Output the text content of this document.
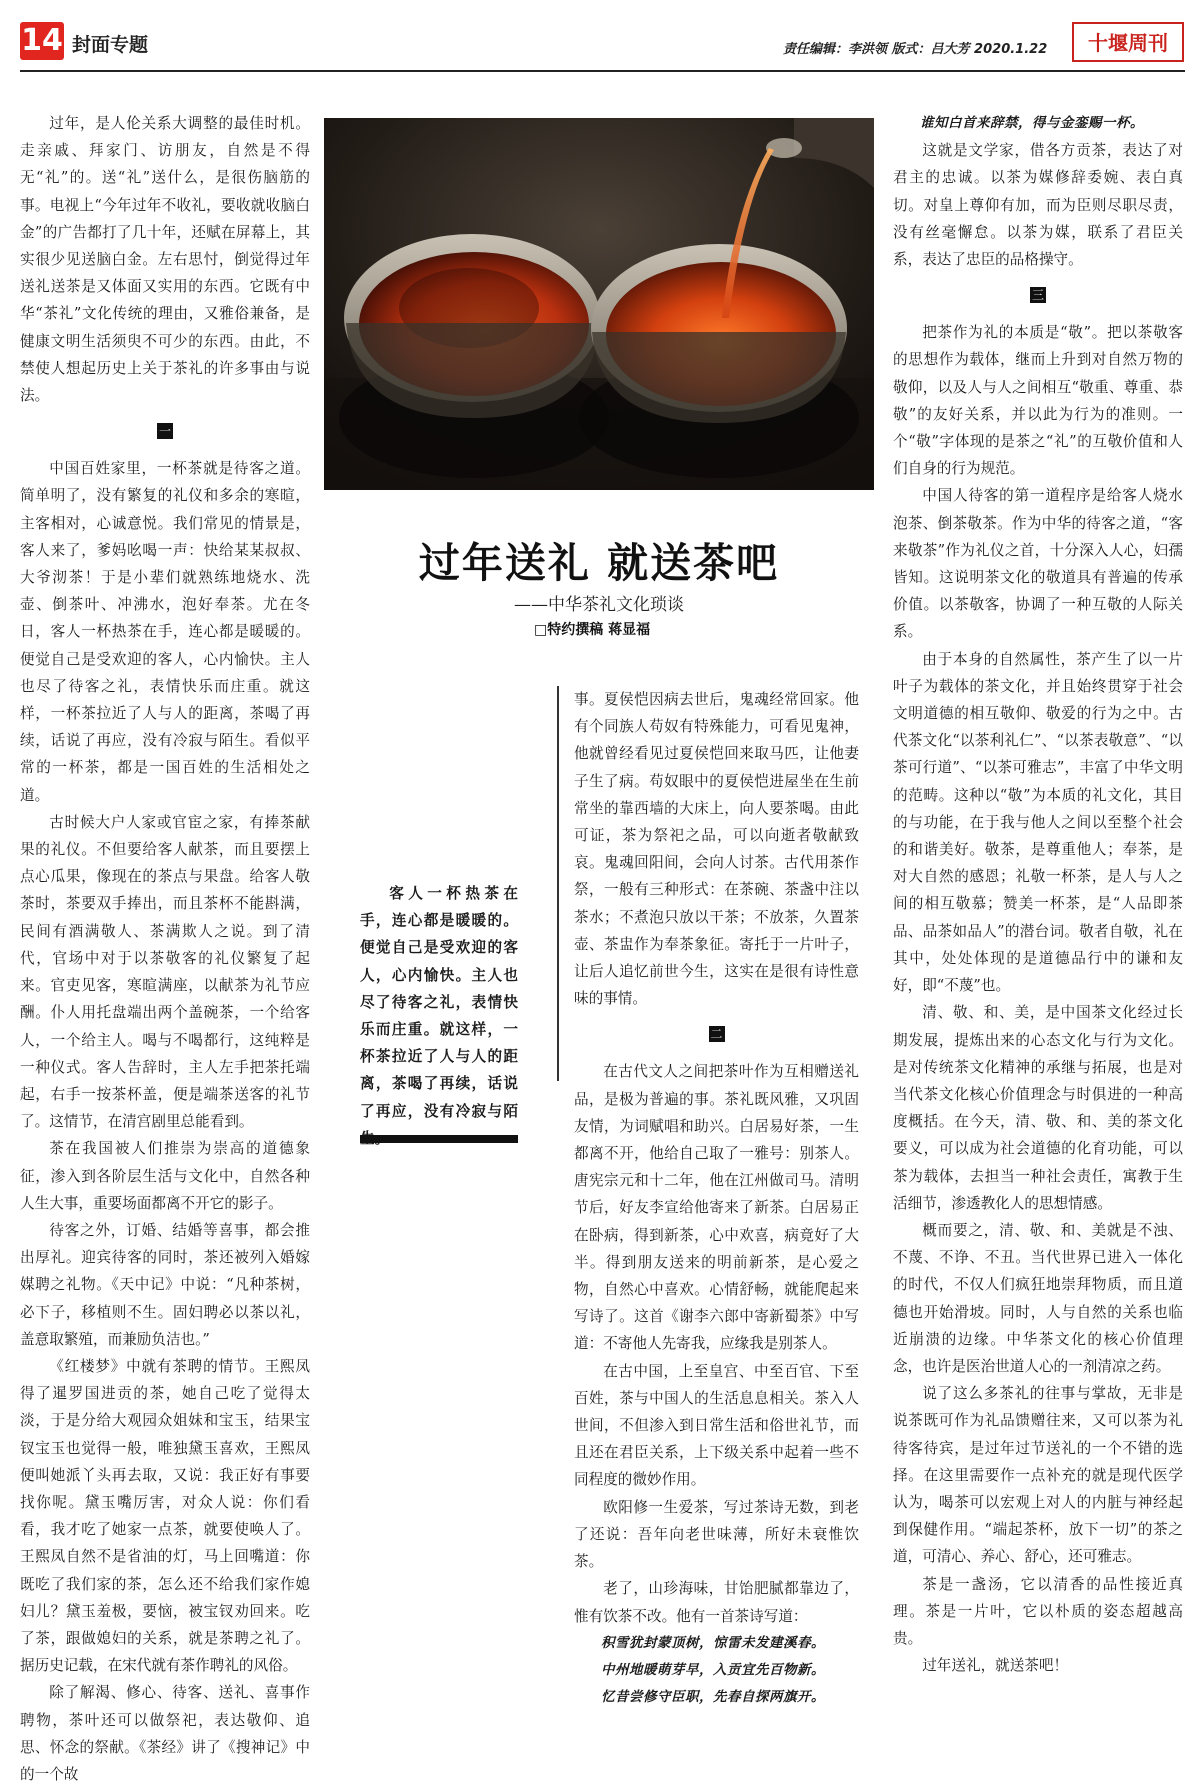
14 封面专题	责任编辑：李洪领 版式：吕大芳 2020.1.22	十堰周刊

过年，是人伦关系大调整的最佳时机。走亲戚、拜家门、访朋友，自然是不得无“礼”的。送“礼”送什么，是很伤脑筋的事。电视上“今年过年不收礼，要收就收脑白金”的广告都打了几十年，还赋在屏幕上，其实很少见送脑白金。左右思忖，倒觉得过年送礼送茶是又体面又实用的东西。它既有中华“茶礼”文化传统的理由，又雅俗兼备，是健康文明生活须臾不可少的东西。由此，不禁使人想起历史上关于茶礼的许多事由与说法。

一

中国百姓家里，一杯茶就是待客之道。简单明了，没有繁复的礼仪和多余的寒暄，主客相对，心诚意悦。我们常见的情景是，客人来了，爹妈吆喝一声：快给某某叔叔、大爷沏茶！于是小辈们就熟练地烧水、洗壶、倒茶叶、冲沸水，泡好奉茶。尤在冬日，客人一杯热茶在手，连心都是暖暖的。便觉自己是受欢迎的客人，心内愉快。主人也尽了待客之礼，表情快乐而庄重。就这样，一杯茶拉近了人与人的距离，茶喝了再续，话说了再应，没有冷寂与陌生。看似平常的一杯茶，都是一国百姓的生活相处之道。

古时候大户人家或官宦之家，有捧茶献果的礼仪。不但要给客人献茶，而且要摆上点心瓜果，像现在的茶点与果盘。给客人敬茶时，茶要双手捧出，而且茶杯不能斟满，民间有酒满敬人、茶满欺人之说。到了清代，官场中对于以茶敬客的礼仪繁复了起来。官吏见客，寒暄满座，以献茶为礼节应酬。仆人用托盘端出两个盖碗茶，一个给客人，一个给主人。喝与不喝都行，这纯粹是一种仪式。客人告辞时，主人左手把茶托端起，右手一按茶杯盖，便是端茶送客的礼节了。这情节，在清宫剧里总能看到。

茶在我国被人们推崇为崇高的道德象征，渗入到各阶层生活与文化中，自然各种人生大事，重要场面都离不开它的影子。

待客之外，订婚、结婚等喜事，都会推出厚礼。迎宾待客的同时，茶还被列入婚嫁媒聘之礼物。《天中记》中说：“凡种茶树，必下子，移植则不生。固妇聘必以茶以礼，盖意取繁殖，而兼励负洁也。”

《红楼梦》中就有茶聘的情节。王熙凤得了暹罗国进贡的茶，她自己吃了觉得太淡，于是分给大观园众姐妹和宝玉，结果宝钗宝玉也觉得一般，唯独黛玉喜欢，王熙凤便叫她派丫头再去取，又说：我正好有事要找你呢。黛玉嘴厉害，对众人说：你们看看，我才吃了她家一点茶，就要使唤人了。王熙凤自然不是省油的灯，马上回嘴道：你既吃了我们家的茶，怎么还不给我们家作媳妇儿？黛玉羞极，要恼，被宝钗劝回来。吃了茶，跟做媳妇的关系，就是茶聘之礼了。据历史记载，在宋代就有茶作聘礼的风俗。

除了解渴、修心、待客、送礼、喜事作聘物，茶叶还可以做祭祀，表达敬仰、追思、怀念的祭献。《茶经》讲了《搜神记》中的一个故

过年送礼 就送茶吧
——中华茶礼文化琐谈
□特约撰稿 蒋显福
客人一杯热茶在手，连心都是暖暖的。便觉自己是受欢迎的客人，心内愉快。主人也尽了待客之礼，表情快乐而庄重。就这样，一杯茶拉近了人与人的距离，茶喝了再续，话说了再应，没有冷寂与陌

事。夏侯恺因病去世后，鬼魂经常回家。他有个同族人苟奴有特殊能力，可看见鬼神，他就曾经看见过夏侯恺回来取马匹，让他妻子生了病。苟奴眼中的夏侯恺进屋坐在生前常坐的靠西墙的大床上，向人要茶喝。由此可证，茶为祭祀之品，可以向逝者敬献致哀。鬼魂回阳间，会向人讨茶。古代用茶作祭，一般有三种形式：在茶碗、茶盏中注以茶水；不煮泡只放以干茶；不放茶，久置茶壶、茶盅作为奉茶象征。寄托于一片叶子，让后人追忆前世今生，这实在是很有诗性意味的事情。

二

在古代文人之间把茶叶作为互相赠送礼品，是极为普遍的事。茶礼既风雅，又巩固友情，为词赋唱和助兴。白居易好茶，一生都离不开，他给自己取了一雅号：别茶人。唐宪宗元和十二年，他在江州做司马。清明节后，好友李宣给他寄来了新茶。白居易正在卧病，得到新茶，心中欢喜，病竟好了大半。得到朋友送来的明前新茶，是心爱之物，自然心中喜欢。心情舒畅，就能爬起来写诗了。这首《谢李六郎中寄新蜀茶》中写道：不寄他人先寄我，应缘我是别茶人。

在古中国，上至皇宫、中至百官、下至百姓，茶与中国人的生活息息相关。茶入人世间，不但渗入到日常生活和俗世礼节，而且还在君臣关系，上下级关系中起着一些不同程度的微妙作用。

欧阳修一生爱茶，写过茶诗无数，到老了还说：吾年向老世味薄，所好未衰惟饮茶。

老了，山珍海味，甘饴肥腻都靠边了，惟有饮茶不改。他有一首茶诗写道：

积雪犹封蒙顶树，惊雷未发建溪春。

中州地暖萌芽早，入贡宜先百物新。

忆昔尝修守臣职，先春自探两旗开。

谁知白首来辞禁，得与金銮赐一杯。

这就是文学家，借各方贡茶，表达了对君主的忠诚。以茶为媒修辞委婉、表白真切。对皇上尊仰有加，而为臣则尽职尽责，没有丝毫懈怠。以茶为媒，联系了君臣关系，表达了忠臣的品格操守。

三

把茶作为礼的本质是“敬”。把以茶敬客的思想作为载体，继而上升到对自然万物的敬仰，以及人与人之间相互“敬重、尊重、恭敬”的友好关系，并以此为行为的准则。一个“敬”字体现的是茶之“礼”的互敬价值和人们自身的行为规范。

中国人待客的第一道程序是给客人烧水泡茶、倒茶敬茶。作为中华的待客之道，“客来敬茶”作为礼仪之首，十分深入人心，妇孺皆知。这说明茶文化的敬道具有普遍的传承价值。以茶敬客，协调了一种互敬的人际关系。

由于本身的自然属性，茶产生了以一片叶子为载体的茶文化，并且始终贯穿于社会文明道德的相互敬仰、敬爱的行为之中。古代茶文化“以茶利礼仁”、“以茶表敬意”、“以茶可行道”、“以茶可雅志”，丰富了中华文明的范畴。这种以“敬”为本质的礼文化，其目的与功能，在于我与他人之间以至整个社会的和谐美好。敬茶，是尊重他人；奉茶，是对大自然的感恩；礼敬一杯茶，是人与人之间的相互敬慕；赞美一杯茶，是“人品即茶品、品茶如品人”的潜台词。敬者自敬，礼在其中，处处体现的是道德品行中的谦和友好，即“不蔑”也。

清、敬、和、美，是中国茶文化经过长期发展，提炼出来的心态文化与行为文化。是对传统茶文化精神的承继与拓展，也是对当代茶文化核心价值理念与时俱进的一种高度概括。在今天，清、敬、和、美的茶文化要义，可以成为社会道德的化育功能，可以茶为载体，去担当一种社会责任，寓教于生活细节，渗透教化人的思想情感。

概而要之，清、敬、和、美就是不浊、不蔑、不诤、不丑。当代世界已进入一体化的时代，不仅人们疯狂地崇拜物质，而且道德也开始滑坡。同时，人与自然的关系也临近崩溃的边缘。中华茶文化的核心价值理念，也许是医治世道人心的一剂清凉之药。

说了这么多茶礼的往事与掌故，无非是说茶既可作为礼品馈赠往来，又可以茶为礼待客待宾，是过年过节送礼的一个不错的选择。在这里需要作一点补充的就是现代医学认为，喝茶可以宏观上对人的内脏与神经起到保健作用。“端起茶杯，放下一切”的茶之道，可清心、养心、舒心，还可雅志。

茶是一盏汤，它以清香的品性接近真理。茶是一片叶，它以朴质的姿态超越高贵。

过年送礼，就送茶吧！
